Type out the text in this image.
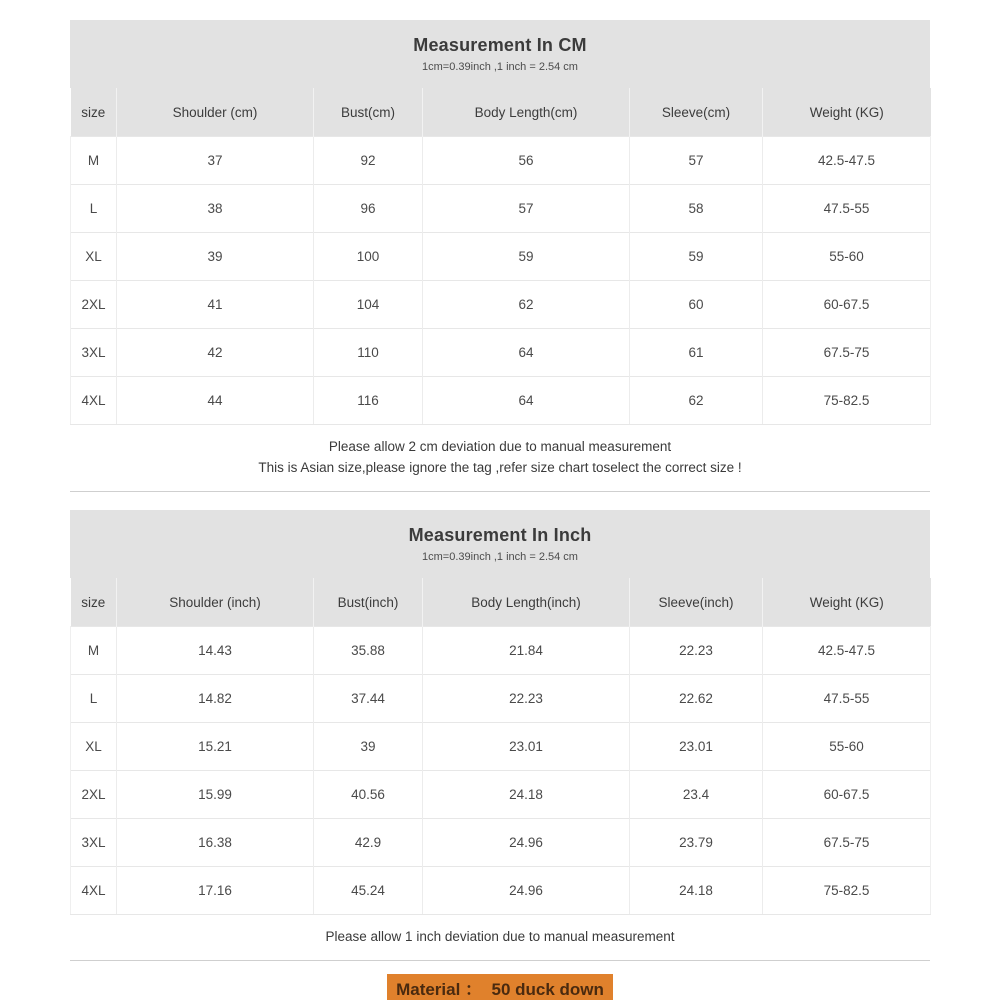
Measurement In CM

1cm=0.39inch ,1 inch = 2.54 cm

size	Shoulder (cm)	Bust(cm)	Body Length(cm)	Sleeve(cm)	Weight (KG)
M	37	92	56	57	42.5-47.5
L	38	96	57	58	47.5-55
XL	39	100	59	59	55-60
2XL	41	104	62	60	60-67.5
3XL	42	110	64	61	67.5-75
4XL	44	116	64	62	75-82.5

Please allow 2 cm deviation due to manual measurement

This is Asian size,please ignore the tag ,refer size chart toselect the correct size !

Measurement In Inch

1cm=0.39inch ,1 inch = 2.54 cm

size	Shoulder (inch)	Bust(inch)	Body Length(inch)	Sleeve(inch)	Weight (KG)
M	14.43	35.88	21.84	22.23	42.5-47.5
L	14.82	37.44	22.23	22.62	47.5-55
XL	15.21	39	23.01	23.01	55-60
2XL	15.99	40.56	24.18	23.4	60-67.5
3XL	16.38	42.9	24.96	23.79	67.5-75
4XL	17.16	45.24	24.96	24.18	75-82.5

Please allow 1 inch deviation due to manual measurement

Material ：  50 duck down
